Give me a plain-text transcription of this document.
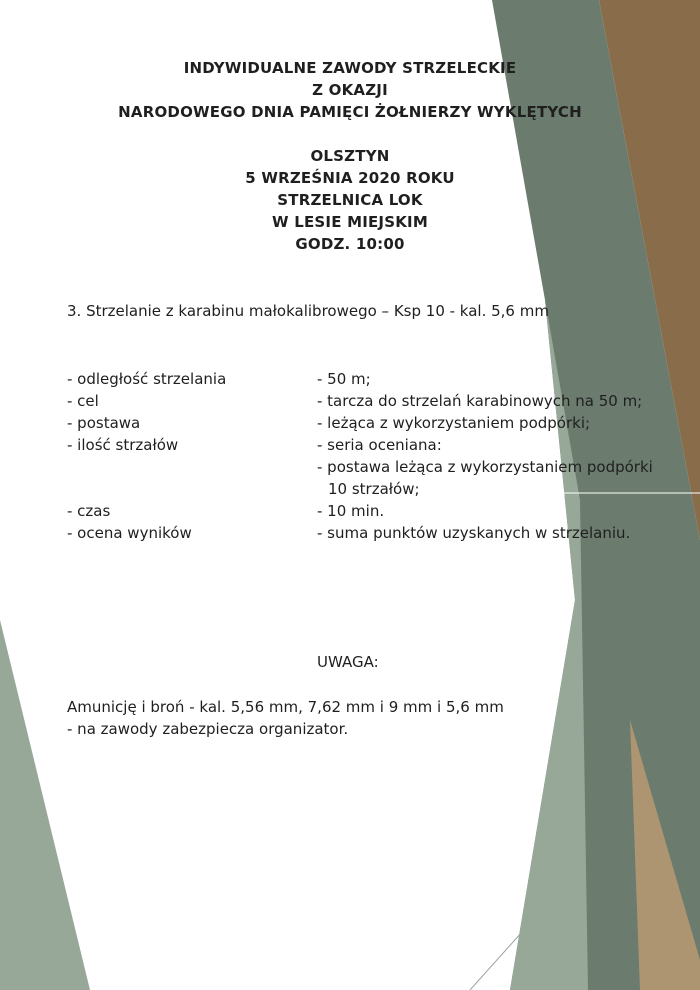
INDYWIDUALNE ZAWODY STRZELECKIE
Z OKAZJI
NARODOWEGO DNIA PAMIĘCI ŻOŁNIERZY WYKLĘTYCH
OLSZTYN
5 WRZEŚNIA 2020 ROKU
STRZELNICA LOK
W LESIE MIEJSKIM
GODZ. 10:00
3. Strzelanie z karabinu małokalibrowego – Ksp 10 - kal. 5,6 mm
- odległość strzelania	- 50 m;
- cel	- tarcza do strzelań karabinowych na 50 m;
- postawa	- leżąca z wykorzystaniem podpórki;
- ilość strzałów	- seria oceniana:
- postawa leżąca z wykorzystaniem podpórki 10 strzałów;
- czas	- 10 min.
- ocena wyników	- suma punktów uzyskanych w strzelaniu.
UWAGA:
Amunicję i broń - kal. 5,56 mm, 7,62 mm i 9 mm i 5,6 mm
- na zawody zabezpiecza organizator.
